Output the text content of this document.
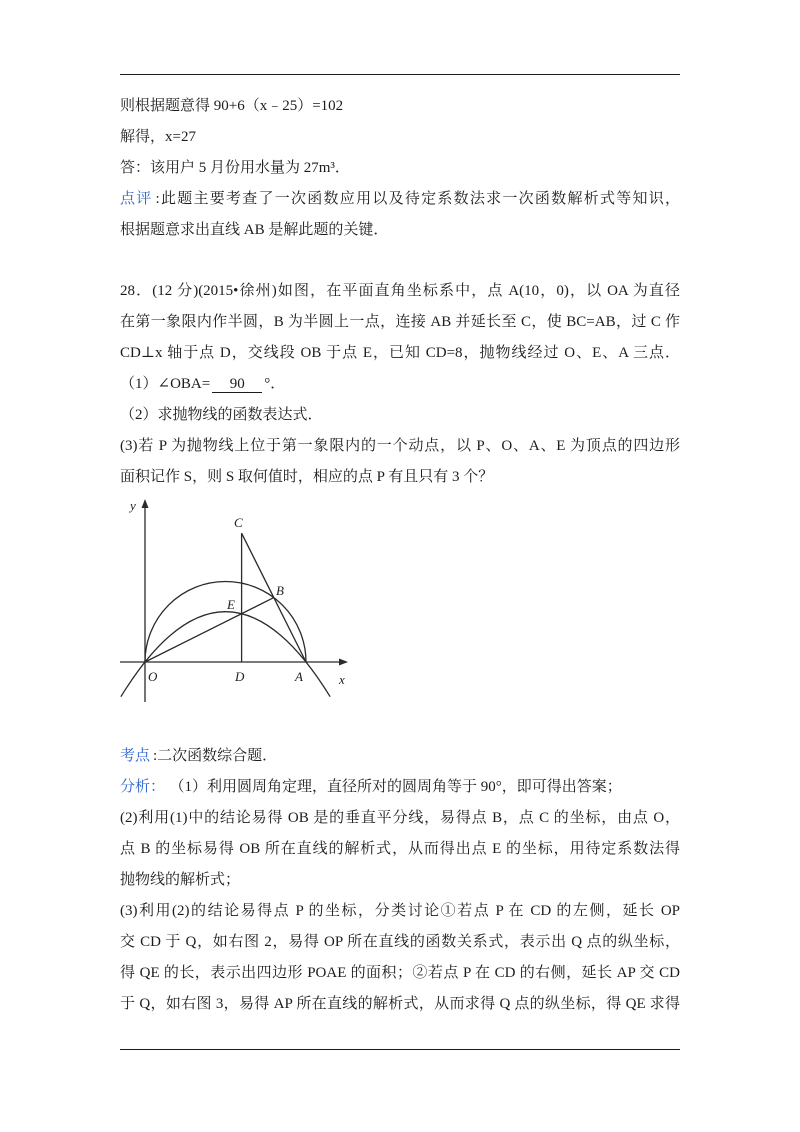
则根据题意得 90+6（x﹣25）=102
解得，x=27
答：该用户 5 月份用水量为 27m³．
点评 :此题主要考查了一次函数应用以及待定系数法求一次函数解析式等知识，
根据题意求出直线 AB 是解此题的关键．
28．(12 分)(2015•徐州)如图，在平面直角坐标系中，点 A(10，0)，以 OA 为直径
在第一象限内作半圆，B 为半圆上一点，连接 AB 并延长至 C，使 BC=AB，过 C 作
CD⊥x 轴于点 D，交线段 OB 于点 E，已知 CD=8，抛物线经过 O、E、A 三点．
（1）∠OBA= 90 °．
（2）求抛物线的函数表达式．
(3)若 P 为抛物线上位于第一象限内的一个动点，以 P、O、A、E 为顶点的四边形
面积记作 S，则 S 取何值时，相应的点 P 有且只有 3 个？
y
C
B
E
O	D	A	x
考点 :二次函数综合题．
分析： （1）利用圆周角定理，直径所对的圆周角等于 90°，即可得出答案；
(2)利用(1)中的结论易得 OB 是的垂直平分线，易得点 B，点 C 的坐标，由点 O，
点 B 的坐标易得 OB 所在直线的解析式，从而得出点 E 的坐标，用待定系数法得
抛物线的解析式；
(3)利用(2)的结论易得点 P 的坐标，分类讨论①若点 P 在 CD 的左侧，延长 OP
交 CD 于 Q，如右图 2，易得 OP 所在直线的函数关系式，表示出 Q 点的纵坐标，
得 QE 的长，表示出四边形 POAE 的面积；②若点 P 在 CD 的右侧，延长 AP 交 CD
于 Q，如右图 3，易得 AP 所在直线的解析式，从而求得 Q 点的纵坐标，得 QE 求得
